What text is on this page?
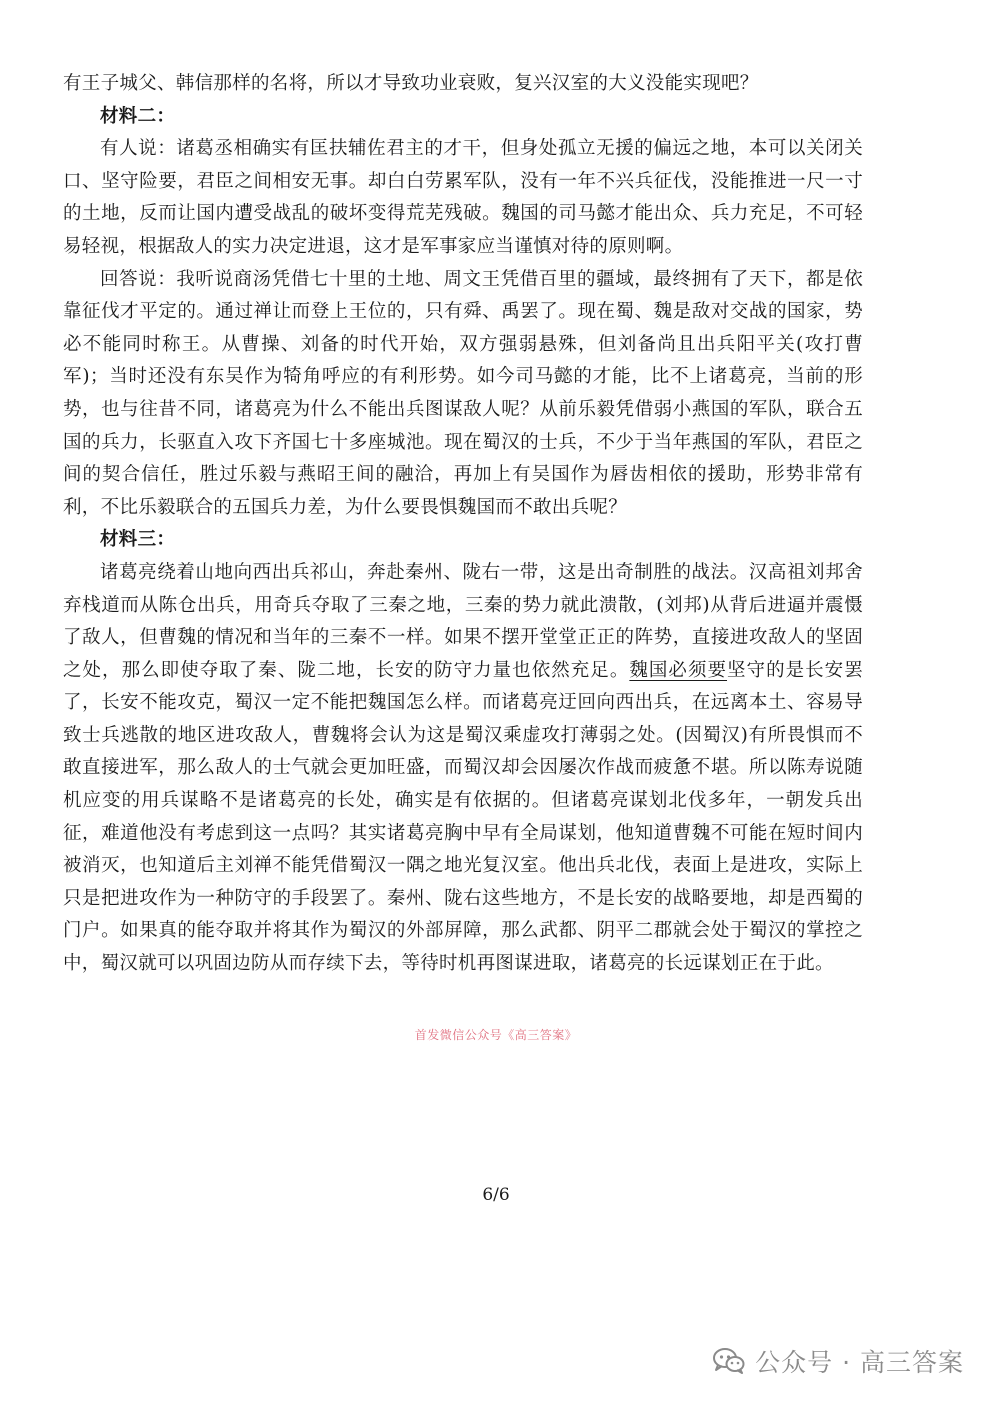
有王子城父、韩信那样的名将，所以才导致功业衰败，复兴汉室的大义没能实现吧？

材料二：

有人说：诸葛丞相确实有匡扶辅佐君主的才干，但身处孤立无援的偏远之地，本可以关闭关口、坚守险要，君臣之间相安无事。却白白劳累军队，没有一年不兴兵征伐，没能推进一尺一寸的土地，反而让国内遭受战乱的破坏变得荒芜残破。魏国的司马懿才能出众、兵力充足，不可轻易轻视，根据敌人的实力决定进退，这才是军事家应当谨慎对待的原则啊。

回答说：我听说商汤凭借七十里的土地、周文王凭借百里的疆域，最终拥有了天下，都是依靠征伐才平定的。通过禅让而登上王位的，只有舜、禹罢了。现在蜀、魏是敌对交战的国家，势必不能同时称王。从曹操、刘备的时代开始，双方强弱悬殊，但刘备尚且出兵阳平关(攻打曹军)；当时还没有东吴作为犄角呼应的有利形势。如今司马懿的才能，比不上诸葛亮，当前的形势，也与往昔不同，诸葛亮为什么不能出兵图谋敌人呢？从前乐毅凭借弱小燕国的军队，联合五国的兵力，长驱直入攻下齐国七十多座城池。现在蜀汉的士兵，不少于当年燕国的军队，君臣之间的契合信任，胜过乐毅与燕昭王间的融洽，再加上有吴国作为唇齿相依的援助，形势非常有利，不比乐毅联合的五国兵力差，为什么要畏惧魏国而不敢出兵呢？

材料三：

诸葛亮绕着山地向西出兵祁山，奔赴秦州、陇右一带，这是出奇制胜的战法。汉高祖刘邦舍弃栈道而从陈仓出兵，用奇兵夺取了三秦之地，三秦的势力就此溃散，(刘邦)从背后进逼并震慑了敌人，但曹魏的情况和当年的三秦不一样。如果不摆开堂堂正正的阵势，直接进攻敌人的坚固之处，那么即使夺取了秦、陇二地，长安的防守力量也依然充足。魏国必须要坚守的是长安罢了，长安不能攻克，蜀汉一定不能把魏国怎么样。而诸葛亮迂回向西出兵，在远离本土、容易导致士兵逃散的地区进攻敌人，曹魏将会认为这是蜀汉乘虚攻打薄弱之处。(因蜀汉)有所畏惧而不敢直接进军，那么敌人的士气就会更加旺盛，而蜀汉却会因屡次作战而疲惫不堪。所以陈寿说随机应变的用兵谋略不是诸葛亮的长处，确实是有依据的。但诸葛亮谋划北伐多年，一朝发兵出征，难道他没有考虑到这一点吗？其实诸葛亮胸中早有全局谋划，他知道曹魏不可能在短时间内被消灭，也知道后主刘禅不能凭借蜀汉一隅之地光复汉室。他出兵北伐，表面上是进攻，实际上只是把进攻作为一种防守的手段罢了。秦州、陇右这些地方，不是长安的战略要地，却是西蜀的门户。如果真的能夺取并将其作为蜀汉的外部屏障，那么武都、阴平二郡就会处于蜀汉的掌控之中，蜀汉就可以巩固边防从而存续下去，等待时机再图谋进取，诸葛亮的长远谋划正在于此。

首发微信公众号《高三答案》
6/6
公众号 · 高三答案
